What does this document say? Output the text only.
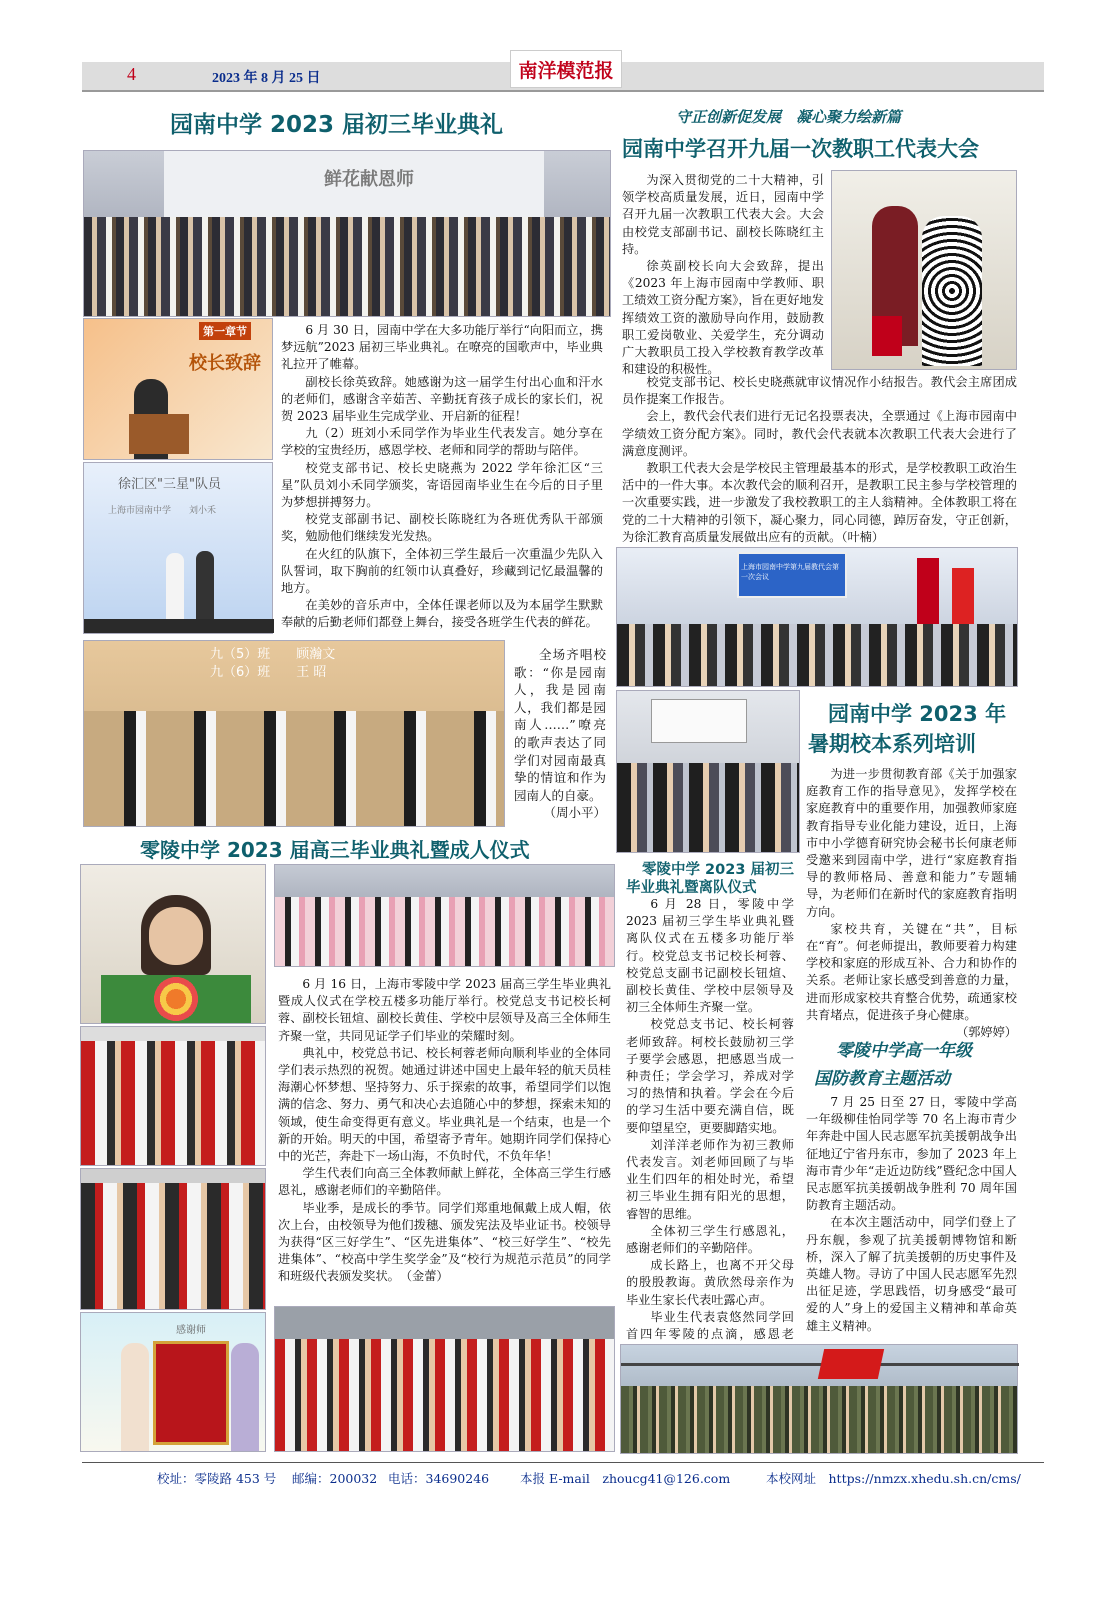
4	2023 年 8 月 25 日	南洋模范报
园南中学 2023 届初三毕业典礼
鲜花献恩师
第一章节
校长致辞
徐汇区"三星"队员
上海市园南中学　　刘小禾

6 月 30 日，园南中学在大多功能厅举行“向阳而立，携梦远航”2023 届初三毕业典礼。在嘹亮的国歌声中，毕业典礼拉开了帷幕。

副校长徐英致辞。她感谢为这一届学生付出心血和汗水的老师们，感谢含辛茹苦、辛勤抚育孩子成长的家长们，祝贺 2023 届毕业生完成学业、开启新的征程！

九（2）班刘小禾同学作为毕业生代表发言。她分享在学校的宝贵经历，感恩学校、老师和同学的帮助与陪伴。

校党支部书记、校长史晓燕为 2022 学年徐汇区“三星”队员刘小禾同学颁奖，寄语园南毕业生在今后的日子里为梦想拼搏努力。

校党支部副书记、副校长陈晓红为各班优秀队干部颁奖，勉励他们继续发光发热。

在火红的队旗下，全体初三学生最后一次重温少先队入队誓词，取下胸前的红领巾认真叠好，珍藏到记忆最温馨的地方。

在美妙的音乐声中，全体任课老师以及为本届学生默默奉献的后勤老师们都登上舞台，接受各班学生代表的鲜花。

九（5）班　　顾瀚文
九（6）班　　王 昭

全场齐唱校歌：“你是园南人，我是园南人，我们都是园南人……”嘹亮的歌声表达了同学们对园南最真挚的情谊和作为园南人的自豪。

（周小平）

守正创新促发展　凝心聚力绘新篇
园南中学召开九届一次教职工代表大会

为深入贯彻党的二十大精神，引领学校高质量发展，近日，园南中学召开九届一次教职工代表大会。大会由校党支部副书记、副校长陈晓红主持。

徐英副校长向大会致辞，提出《2023 年上海市园南中学教师、职工绩效工资分配方案》，旨在更好地发挥绩效工资的激励导向作用，鼓励教职工爱岗敬业、关爱学生，充分调动广大教职员工投入学校教育教学改革和建设的积极性。

校党支部书记、校长史晓燕就审议情况作小结报告。教代会主席团成员作提案工作报告。

会上，教代会代表们进行无记名投票表决，全票通过《上海市园南中学绩效工资分配方案》。同时，教代会代表就本次教职工代表大会进行了满意度测评。

教职工代表大会是学校民主管理最基本的形式，是学校教职工政治生活中的一件大事。本次教代会的顺利召开，是教职工民主参与学校管理的一次重要实践，进一步激发了我校教职工的主人翁精神。全体教职工将在党的二十大精神的引领下，凝心聚力，同心同德，踔厉奋发，守正创新，为徐汇教育高质量发展做出应有的贡献。（叶楠）

上海市园南中学第九届教代会第一次会议
园南中学 2023 年
暑期校本系列培训

为进一步贯彻教育部《关于加强家庭教育工作的指导意见》，发挥学校在家庭教育中的重要作用，加强教师家庭教育指导专业化能力建设，近日，上海市中小学德育研究协会秘书长何康老师受邀来到园南中学，进行“家庭教育指导的教师格局、善意和能力”专题辅导，为老师们在新时代的家庭教育指明方向。

家校共育，关键在“共”，目标在“育”。何老师提出，教师要着力构建学校和家庭的形成互补、合力和协作的关系。老师让家长感受到善意的力量，进而形成家校共育整合优势，疏通家校共育堵点，促进孩子身心健康。

（郭婷婷）

零陵中学 2023 届高三毕业典礼暨成人仪式
感谢师

6 月 16 日，上海市零陵中学 2023 届高三学生毕业典礼暨成人仪式在学校五楼多功能厅举行。校党总支书记校长柯蓉、副校长钮煊、副校长黄佳、学校中层领导及高三全体师生齐聚一堂，共同见证学子们毕业的荣耀时刻。

典礼中，校党总书记、校长柯蓉老师向顺利毕业的全体同学们表示热烈的祝贺。她通过讲述中国史上最年轻的航天员桂海潮心怀梦想、坚持努力、乐于探索的故事，希望同学们以饱满的信念、努力、勇气和决心去追随心中的梦想，探索未知的领域，使生命变得更有意义。毕业典礼是一个结束，也是一个新的开始。明天的中国，希望寄予青年。她期许同学们保持心中的光芒，奔赴下一场山海，不负时代，不负年华！

学生代表们向高三全体教师献上鲜花，全体高三学生行感恩礼，感谢老师们的辛勤陪伴。

毕业季，是成长的季节。同学们郑重地佩戴上成人帽，依次上台，由校领导为他们拨穗、颁发宪法及毕业证书。校领导为获得“区三好学生”、“区先进集体”、“校三好学生”、“校先进集体”、“校高中学生奖学金”及“校行为规范示范员”的同学和班级代表颁发奖状。　（金蕾）

零陵中学 2023 届初三
毕业典礼暨离队仪式

6 月 28 日，零陵中学 2023 届初三学生毕业典礼暨离队仪式在五楼多功能厅举行。校党总支书记校长柯蓉、校党总支副书记副校长钮煊、副校长黄佳、学校中层领导及初三全体师生齐聚一堂。

校党总支书记、校长柯蓉老师致辞。柯校长鼓励初三学子要学会感恩，把感恩当成一种责任；学会学习，养成对学习的热情和执着。学会在今后的学习生活中要充满自信，既要仰望星空，更要脚踏实地。

刘洋洋老师作为初三教师代表发言。刘老师回顾了与毕业生们四年的相处时光，希望初三毕业生拥有阳光的思想，睿智的思维。

全体初三学生行感恩礼，感谢老师们的辛勤陪伴。

成长路上，也离不开父母的殷殷教诲。黄欣然母亲作为毕业生家长代表吐露心声。

毕业生代表袁悠然同学回首四年零陵的点滴，感恩老

零陵中学高一年级
国防教育主题活动

7 月 25 日至 27 日，零陵中学高一年级柳佳怡同学等 70 名上海市青少年奔赴中国人民志愿军抗美援朝战争出征地辽宁省丹东市，参加了 2023 年上海市青少年“走近边防线”暨纪念中国人民志愿军抗美援朝战争胜利 70 周年国防教育主题活动。

在本次主题活动中，同学们登上了丹东舰，参观了抗美援朝博物馆和断桥，深入了解了抗美援朝的历史事件及英雄人物。寻访了中国人民志愿军先烈出征足迹，学思践悟，切身感受“最可爱的人”身上的爱国主义精神和革命英雄主义精神。

校址：零陵路 453 号 邮编：200032 电话：34690246 本报 E-mail　zhoucg41@126.com	本校网址　https://nmzx.xhedu.sh.cn/cms/
